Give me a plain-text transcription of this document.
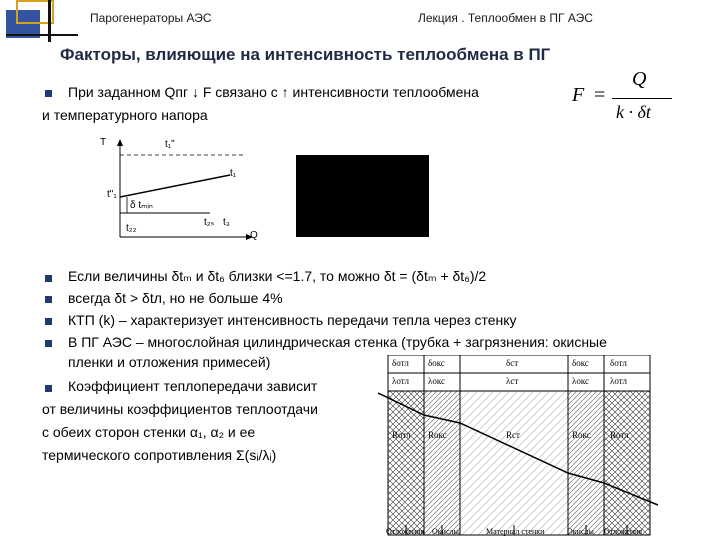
Парогенераторы АЭС	Лекция . Теплообмен в ПГ АЭС
Факторы, влияющие на интенсивность теплообмена в ПГ
При заданном Qпг ↓ F связано с ↑ интенсивности теплообмена
и температурного напора
F =
Q
k · δt
T
Q
t₁ʺ
t₁
t"₁
δ tₘᵢₙ
t₂₂
t₂ₛ t₃
Если величины δtₘ и δt₆ близки <=1.7, то можно δt = (δtₘ + δt₆)/2
всегда δt > δtл, но не больше 4%
КТП (k) – характеризует интенсивность передачи тепла через стенку
В ПГ АЭС – многослойная цилиндрическая стенка (трубка + загрязнения: окисные
пленки и отложения примесей)	δотл δокс	δст	δокс δотл
λотл λокс	λст	λокс λотл
Rотл Rокс	Rст	Rокс Rотл
Отложения Окислы	Материал стенки	Окислы Отложения
Коэффициент теплопередачи зависит
от величины коэффициентов теплоотдачи
с обеих сторон стенки α₁, α₂ и ее
термического сопротивления Σ(sᵢ/λᵢ)
